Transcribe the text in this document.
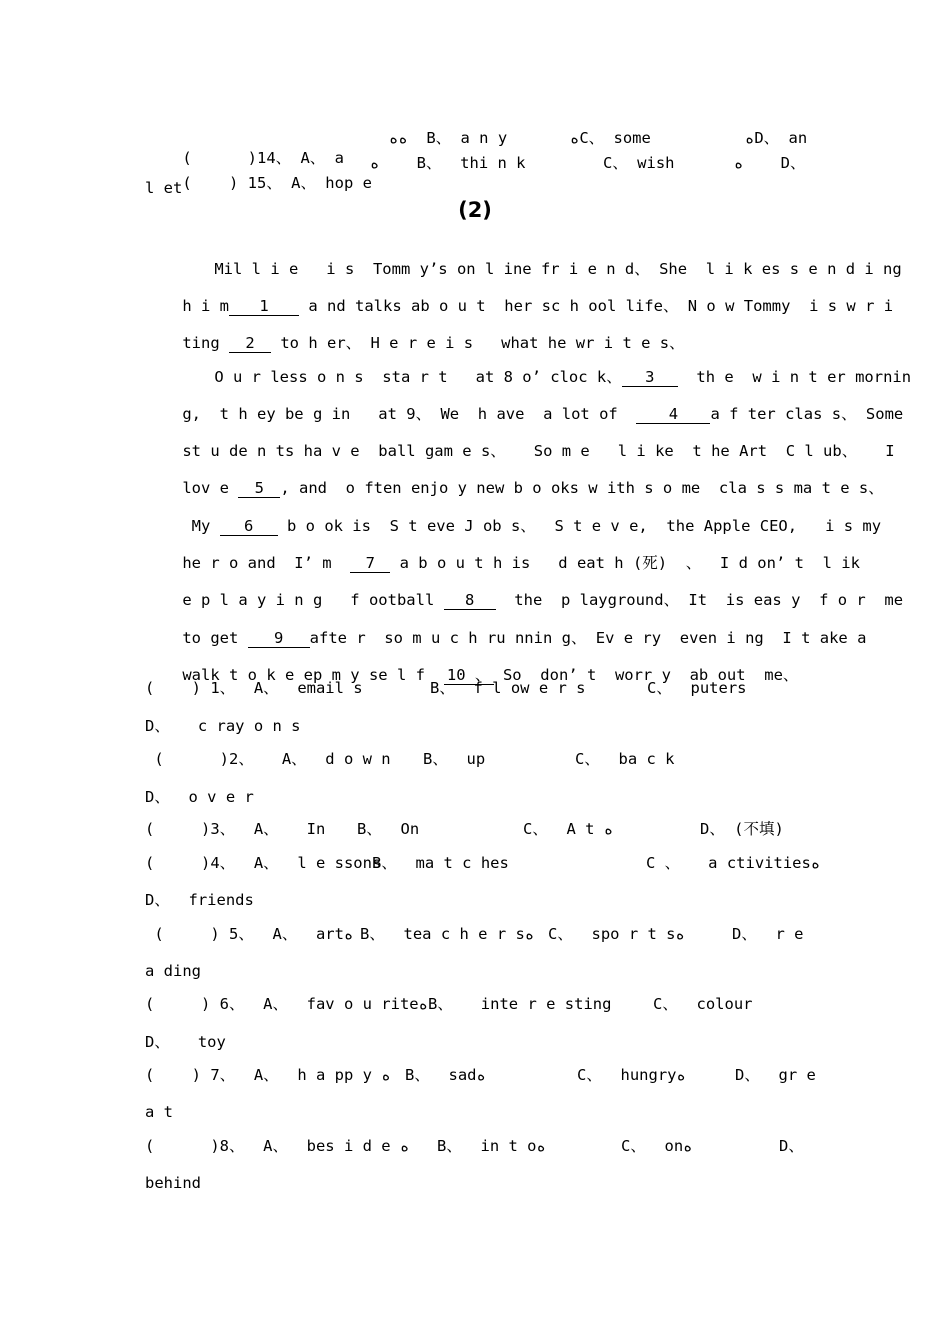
(      )14、 A、 a

ﻩﻩ  B、 a n y	ﻩC、 some	ﻩD、 an

(    ) 15、 A、 hop e

ﻩ    B、  thi n k	C、 wish	ﻩ    D、
l et
(2)

Mil l i e   i s  Tomm y’s on l ine fr i e n d、 She  l i k es s e n d i ng

h i m 1 a nd talks ab o u t  her sc h ool life、 N o w Tommy  i s w r i

ting 2 to h er、 H e r e i s   what he wr i t e s、

O u r less o n s  sta r t   at 8 o’ cloc k、 3  th e  w i n t er mornin

g,  t h ey be g in   at 9、 We  h ave  a lot of  4 a f ter clas s、 Some

st u de n ts ha v e  ball gam e s、   So m e   l i ke  t he Art  C l ub、   I

lov e 5 , and  o ften enjo y new b o oks w ith s o me  cla s s ma t e s、

My 6 b o ok is  S t eve J ob s、  S t e v e,  the Apple CEO,   i s my

he r o and  I’ m  7 a b o u t h is   d eat h (死)  、  I d on’ t  l ik

e p l a y i n g   f ootball 8  the  p layground、 It  is eas y  f o r  me

to get 9 afte r  so m u c h ru nnin g、 Ev e ry  even i ng  I t ake a

walk t o k e ep m y se l f  10 、 So  don’ t  worr y  ab out  me、

(    ) 1、  A、  email s	B、  f l ow e r s	C、  puters
D、   c ray o n s
(      )2、   A、  d o w n B、  up	C、  ba c k
D、  o v e r
(     )3、  A、   In B、  On	C、  A t ﻩ	D、 (不填)
(     )4、  A、  l e ssons
B、  ma t c hes	C 、   a ctivitiesﻩ
D、  friends
(     ) 5、  A、  artﻩ B、  tea c h e r sﻩ C、  spo r t sﻩ	D、  r e
a ding
(     ) 6、  A、  fav o u riteﻩB、   inte r e sting	C、  colour
D、   toy
(    ) 7、  A、  h a pp y ﻩ B、  sadﻩ	C、  hungryﻩ	D、  gr e
a t
(      )8、  A、  bes i d e ﻩ B、  in t oﻩ	C、  onﻩ	D、
behind
